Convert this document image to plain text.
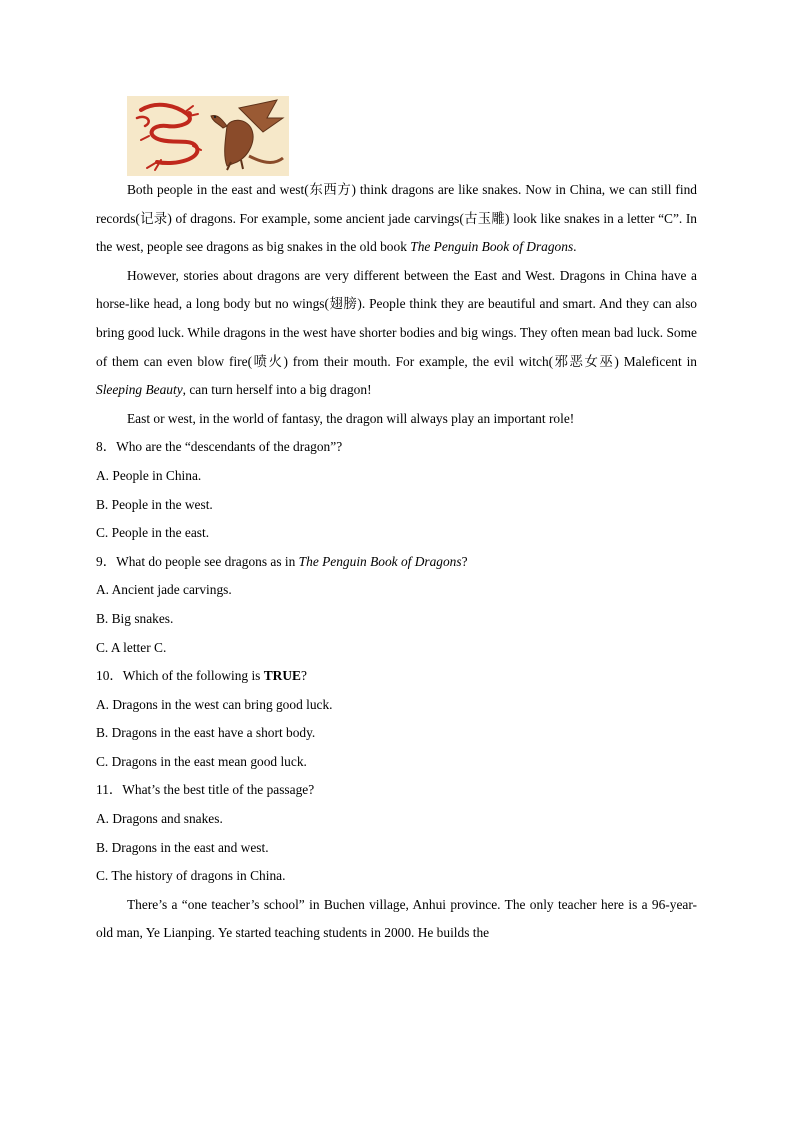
Both people in the east and west(东西方) think dragons are like snakes. Now in China, we can still find records(记录) of dragons. For example, some ancient jade carvings(古玉雕) look like snakes in a letter “C”. In the west, people see dragons as big snakes in the old book The Penguin Book of Dragons.

However, stories about dragons are very different between the East and West. Dragons in China have a horse-like head, a long body but no wings(翅膀). People think they are beautiful and smart. And they can also bring good luck. While dragons in the west have shorter bodies and big wings. They often mean bad luck. Some of them can even blow fire(喷火) from their mouth. For example, the evil witch(邪恶女巫) Maleficent in Sleeping Beauty, can turn herself into a big dragon!

East or west, in the world of fantasy, the dragon will always play an important role!

8．Who are the “descendants of the dragon”?
A. People in China.
B. People in the west.
C. People in the east.
9．What do people see dragons as in The Penguin Book of Dragons?
A. Ancient jade carvings.
B. Big snakes.
C. A letter C.
10．Which of the following is TRUE?
A. Dragons in the west can bring good luck.
B. Dragons in the east have a short body.
C. Dragons in the east mean good luck.
11．What’s the best title of the passage?
A. Dragons and snakes.
B. Dragons in the east and west.
C. The history of dragons in China.

There’s a “one teacher’s school” in Buchen village, Anhui province. The only teacher here is a 96-year-old man, Ye Lianping. Ye started teaching students in 2000. He builds the
